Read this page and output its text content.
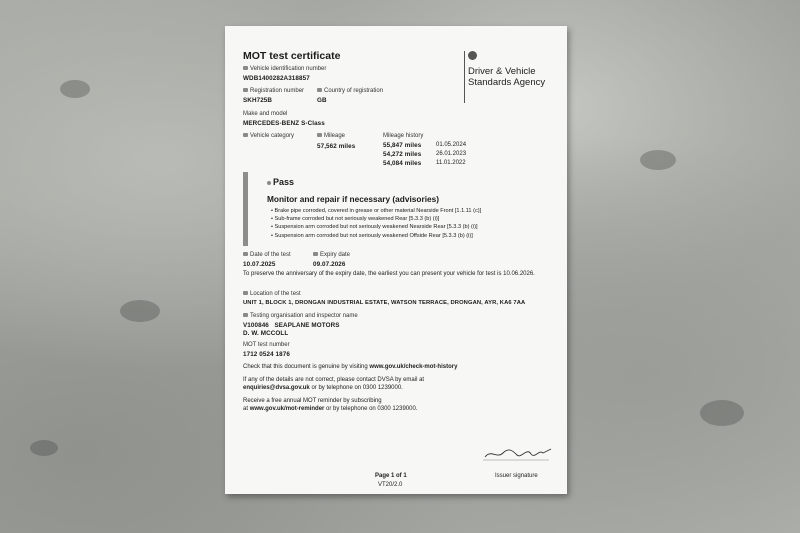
MOT test certificate
Vehicle identification number
WDB1400282A318857
Registration number
SKH725B
Country of registration
GB
Make and model
MERCEDES-BENZ S-Class
Vehicle category	Mileage
57,562 miles
Mileage history
55,847 miles 01.05.2024
54,272 miles 26.01.2023
54,084 miles 11.01.2022
Driver & Vehicle Standards Agency
Pass
Monitor and repair if necessary (advisories)
• Brake pipe corroded, covered in grease or other material Nearside Front [1.1.11 (c)]
• Sub-frame corroded but not seriously weakened Rear [5.3.3 (b) (i)]
• Suspension arm corroded but not seriously weakened Nearside Rear [5.3.3 (b) (i)]
• Suspension arm corroded but not seriously weakened Offside Rear [5.3.3 (b) (i)]
Date of the test
10.07.2025
Expiry date
09.07.2026
To preserve the anniversary of the expiry date, the earliest you can present your vehicle for test is 10.06.2026.
Location of the test
UNIT 1, BLOCK 1, DRONGAN INDUSTRIAL ESTATE, WATSON TERRACE, DRONGAN, AYR, KA6 7AA
Testing organisation and inspector name
V100846   SEAPLANE MOTORS
D. W. MCCOLL
MOT test number
1712 0524 1876
Check that this document is genuine by visiting www.gov.uk/check-mot-history
If any of the details are not correct, please contact DVSA by email at
enquiries@dvsa.gov.uk or by telephone on 0300 1239000.
Receive a free annual MOT reminder by subscribing
at www.gov.uk/mot-reminder or by telephone on 0300 1239000.
Page 1 of 1
VT20/2.0
Issuer signature
